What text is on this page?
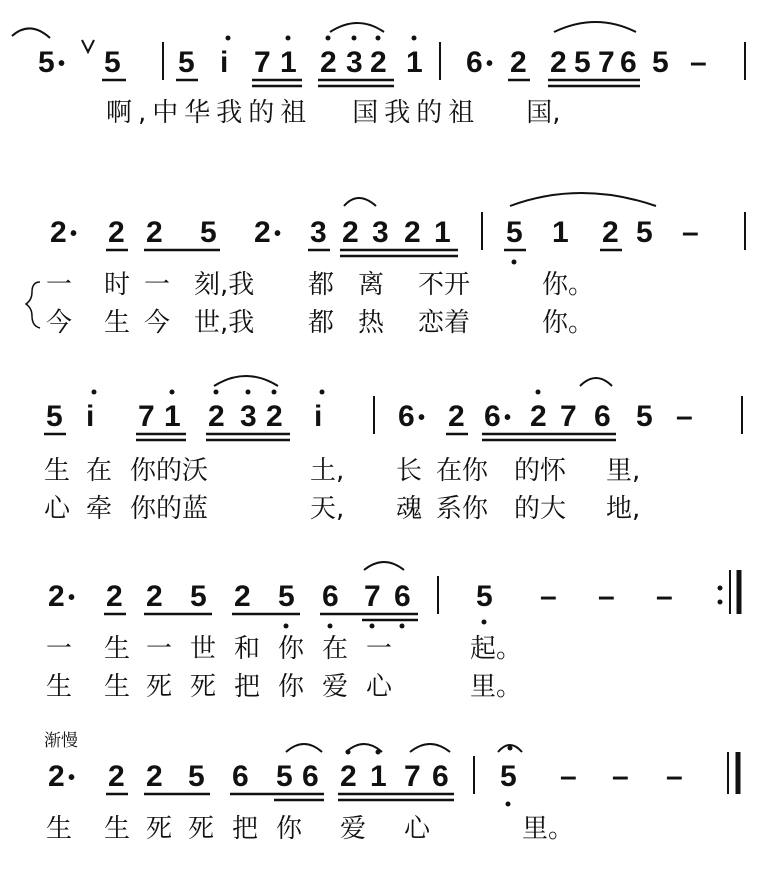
5 • 5 5 i 7 1 2 3 2 1 6 • 2 2 5 7 6 5 –
2 • 2 2 5 2 • 3 2 3 2 1 5 1 2 5 –
5 i 7 1 2 3 2 i	6 • 2 6 • 2 7 6 5 –
2 • 2 2 5 2 5 6 7 6 5 – – –
渐慢
2 • 2 2 5 6 5 6 2 1 7 6 5 – – –
啊,中华我的祖 国我的祖 国,
一 时 一 刻,我 都 离 不开	你。
今 生 今 世,我 都 热 恋着	你。
生 在 你的沃	土, 长 在你 的怀 里,
心 牵 你的蓝	天, 魂 系你 的大 地,
一 生 一 世 和 你 在 一	起。
生 生 死 死 把 你 爱 心	里。
生 生 死 死 把 你 爱 心	里。
